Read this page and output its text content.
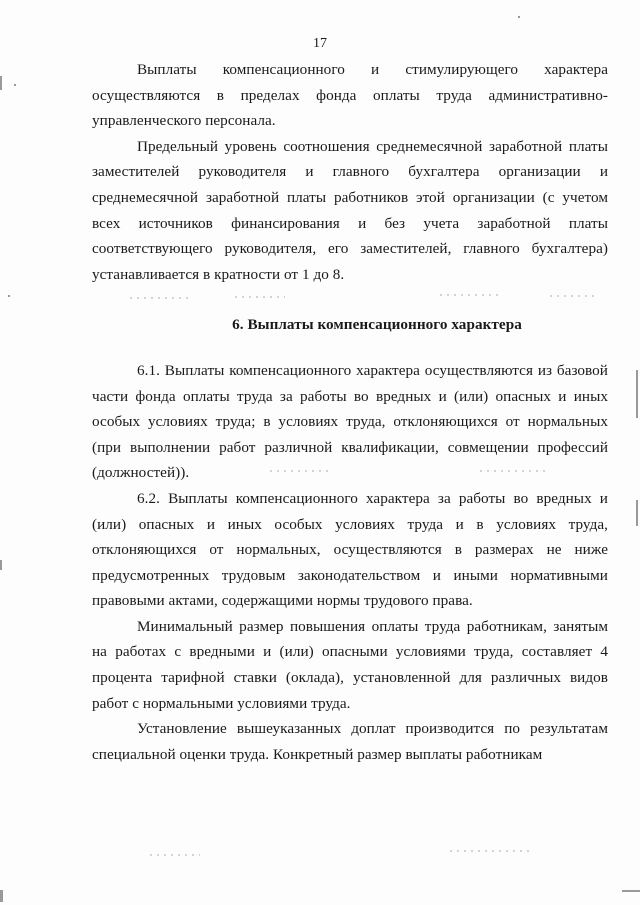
17

Выплаты компенсационного и стимулирующего характера осуществляются в пределах фонда оплаты труда административно-управленческого персонала.

Предельный уровень соотношения среднемесячной заработной платы заместителей руководителя и главного бухгалтера организации и среднемесячной заработной платы работников этой организации (с учетом всех источников финансирования и без учета заработной платы соответствующего руководителя, его заместителей, главного бухгалтера) устанавливается в кратности от 1 до 8.

6. Выплаты компенсационного характера

6.1. Выплаты компенсационного характера осуществляются из базовой части фонда оплаты труда за работы во вредных и (или) опасных и иных особых условиях труда; в условиях труда, отклоняющихся от нормальных (при выполнении работ различной квалификации, совмещении профессий (должностей)).

6.2. Выплаты компенсационного характера за работы во вредных и (или) опасных и иных особых условиях труда и в условиях труда, отклоняющихся от нормальных, осуществляются в размерах не ниже предусмотренных трудовым законодательством и иными нормативными правовыми актами, содержащими нормы трудового права.

Минимальный размер повышения оплаты труда работникам, занятым на работах с вредными и (или) опасными условиями труда, составляет 4 процента тарифной ставки (оклада), установленной для различных видов работ с нормальными условиями труда.

Установление вышеуказанных доплат производится по результатам специальной оценки труда. Конкретный размер выплаты работникам
